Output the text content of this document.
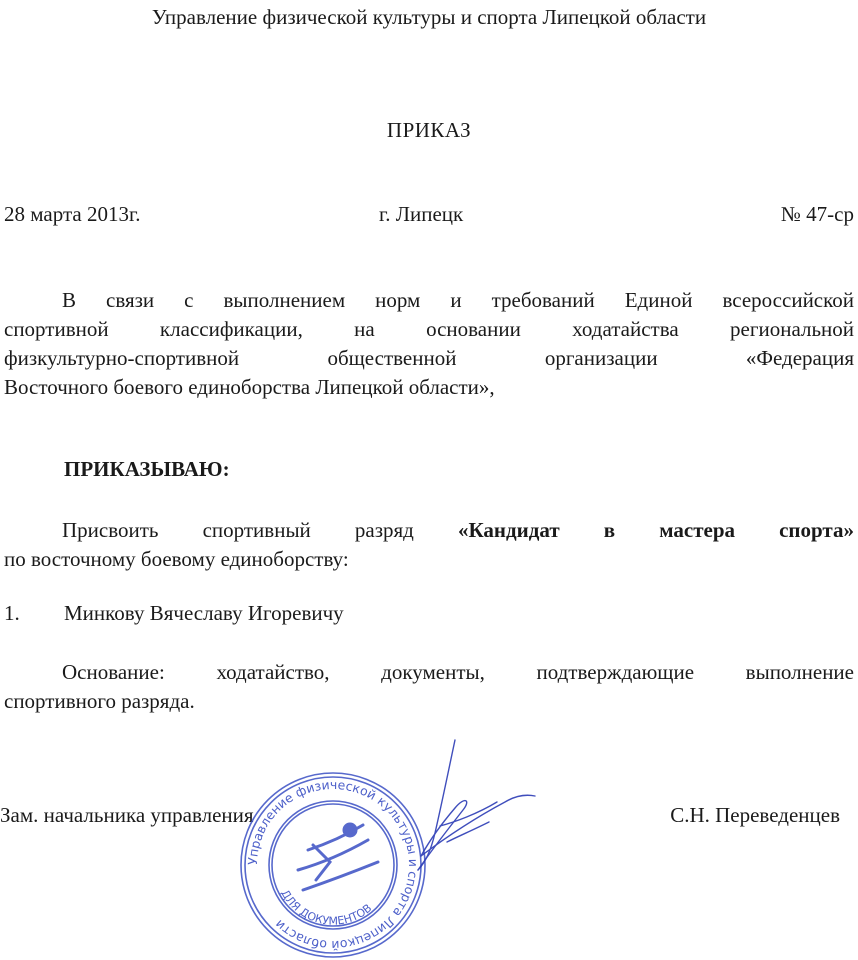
Управление физической культуры и спорта Липецкой области
ПРИКАЗ
28 марта 2013г.	г. Липецк	№ 47-ср
В связи с выполнением норм и требований Единой всероссийской
спортивной классификации, на основании ходатайства региональной
физкультурно-спортивной общественной организации «Федерация
Восточного боевого единоборства Липецкой области»,
ПРИКАЗЫВАЮ:
Присвоить спортивный разряд «Кандидат в мастера спорта»
по восточному боевому единоборству:
1. Минкову Вячеславу Игоревичу
Основание: ходатайство, документы, подтверждающие выполнение
спортивного разряда.
Зам. начальника управления	С.Н. Переведенцев
Управление физической культуры и спорта Липецкой области
ДЛЯ ДОКУМЕНТОВ
